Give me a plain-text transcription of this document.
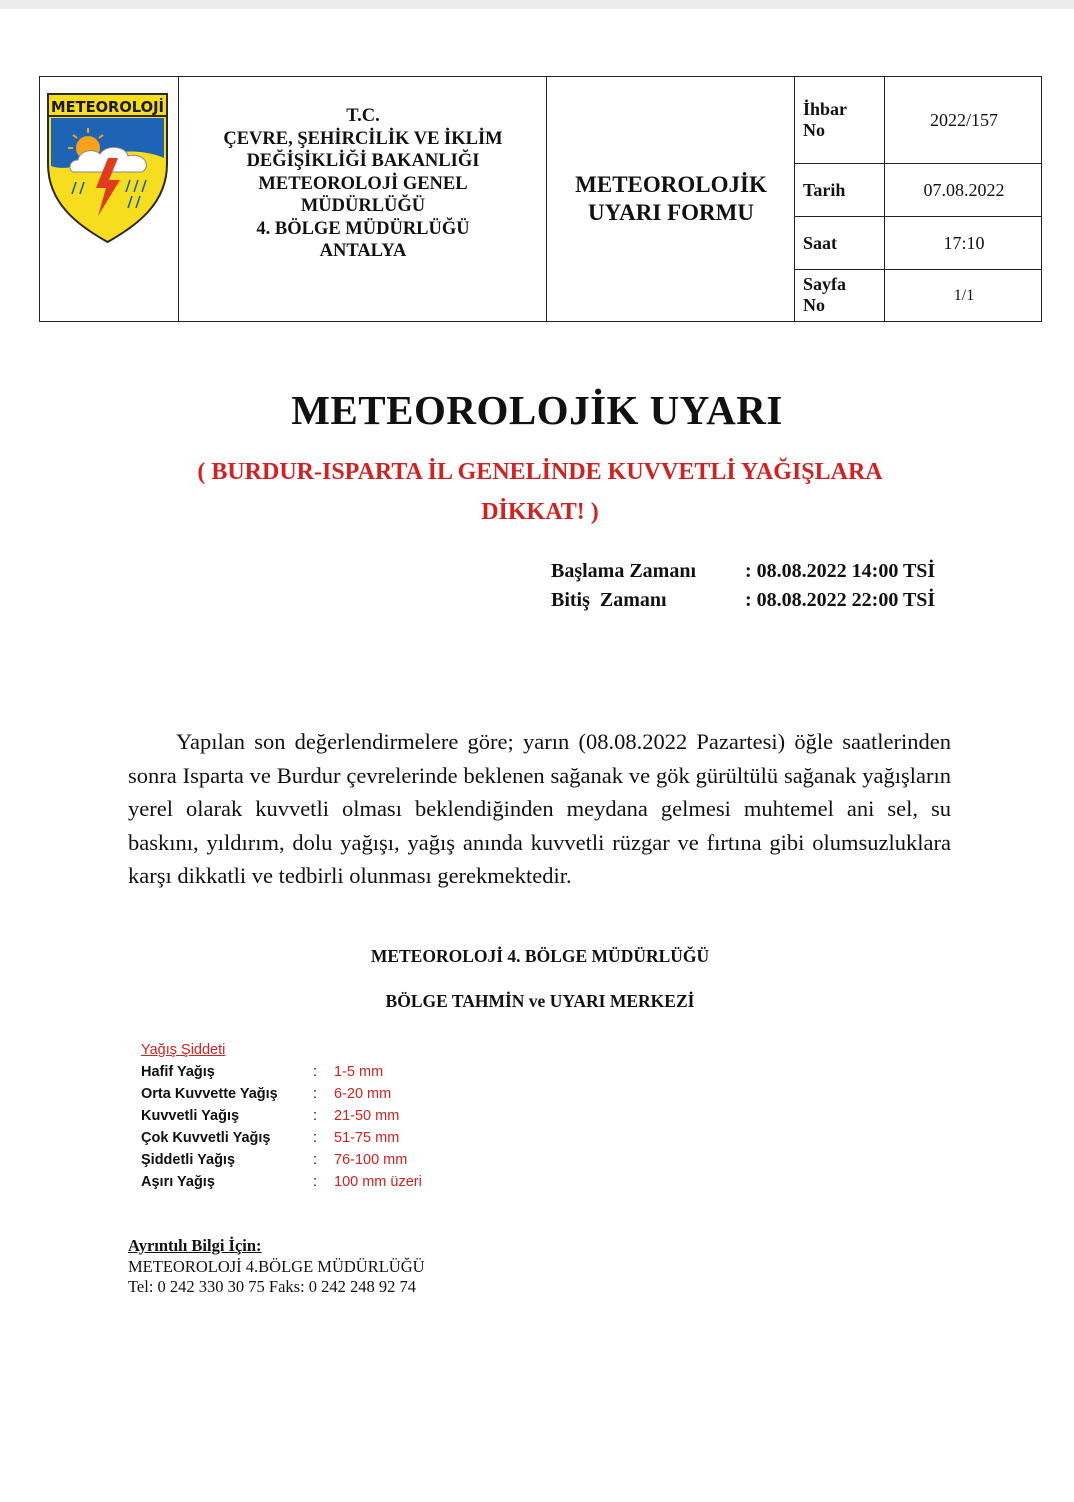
METEOROLOJİ	T.C.
ÇEVRE, ŞEHİRCİLİK VE İKLİM
DEĞİŞİKLİĞİ BAKANLIĞI
METEOROLOJİ GENEL
MÜDÜRLÜĞÜ
4. BÖLGE MÜDÜRLÜĞÜ
ANTALYA
METEOROLOJİK
UYARI FORMU
İhbar
No	2022/157
Tarih	07.08.2022
Saat	17:10
Sayfa
No	1/1
METEOROLOJİK UYARI
( BURDUR-ISPARTA İL GENELİNDE KUVVETLİ YAĞIŞLARA
DİKKAT! )
Başlama Zamanı	: 08.08.2022 14:00 TSİ
Bitiş  Zamanı	: 08.08.2022 22:00 TSİ

Yapılan son değerlendirmelere göre; yarın (08.08.2022 Pazartesi) öğle saatlerinden sonra Isparta ve Burdur çevrelerinde beklenen sağanak ve gök gürültülü sağanak yağışların yerel olarak kuvvetli olması beklendiğinden meydana gelmesi muhtemel ani sel, su baskını, yıldırım, dolu yağışı, yağış anında kuvvetli rüzgar ve fırtına gibi olumsuzluklara karşı dikkatli ve tedbirli olunması gerekmektedir.

METEOROLOJİ 4. BÖLGE MÜDÜRLÜĞÜ
BÖLGE TAHMİN ve UYARI MERKEZİ
Yağış Şiddeti
Hafif Yağış	:	1-5 mm
Orta Kuvvette Yağış	:	6-20 mm
Kuvvetli Yağış	:	21-50 mm
Çok Kuvvetli Yağış	:	51-75 mm
Şiddetli Yağış	:	76-100 mm
Aşırı Yağış	:	100 mm üzeri
Ayrıntılı Bilgi İçin:
METEOROLOJİ 4.BÖLGE MÜDÜRLÜĞÜ
Tel: 0 242 330 30 75 Faks: 0 242 248 92 74
